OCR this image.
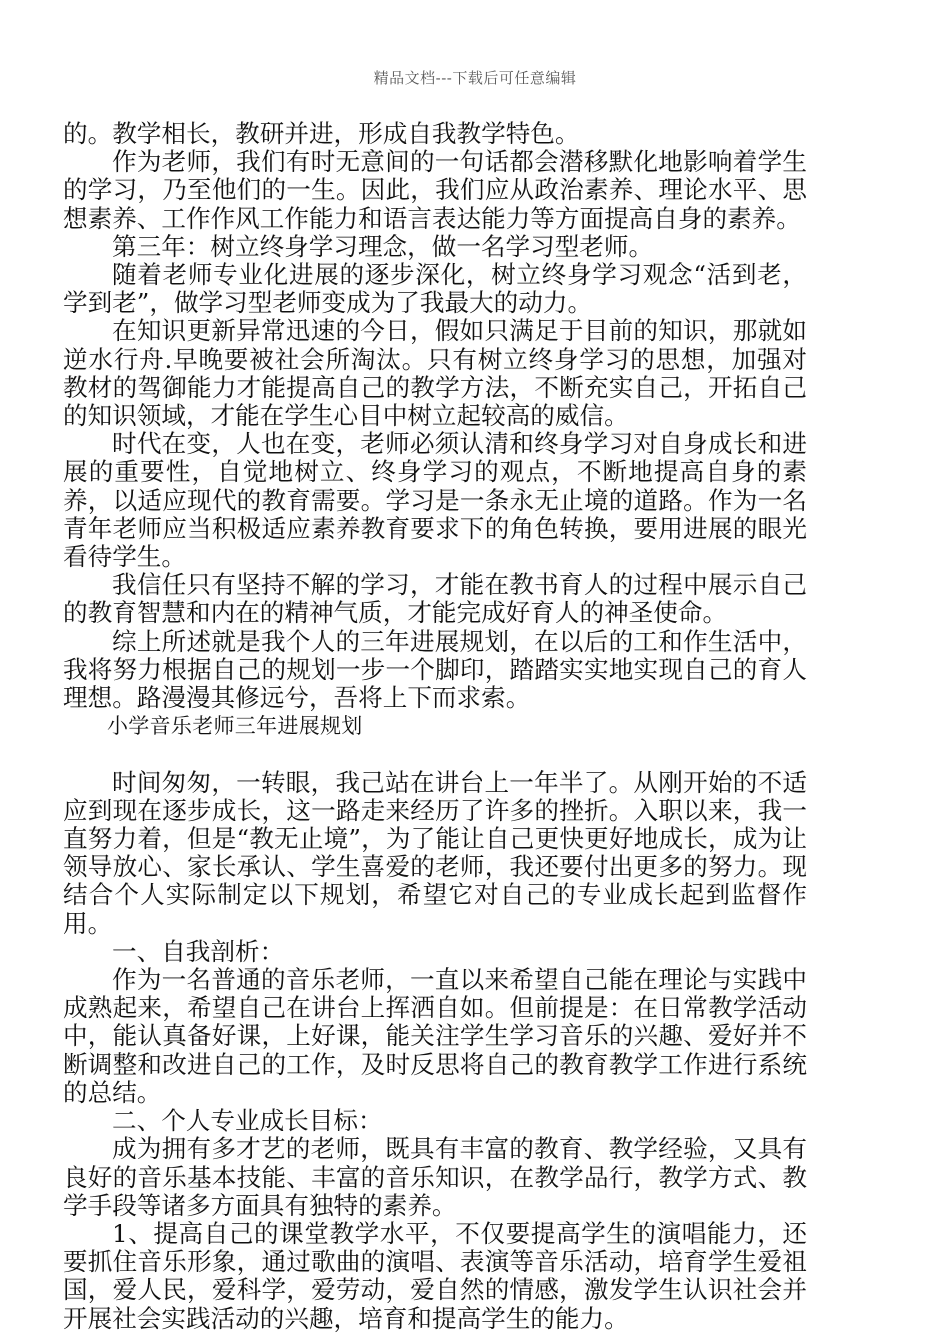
精品文档---下载后可任意编辑

的。教学相长，教研并进，形成自我教学特色。

作为老师，我们有时无意间的一句话都会潜移默化地影响着学生的学习，乃至他们的一生。因此，我们应从政治素养、理论水平、思想素养、工作作风工作能力和语言表达能力等方面提高自身的素养。

第三年：树立终身学习理念，做一名学习型老师。

随着老师专业化进展的逐步深化，树立终身学习观念“活到老，学到老”，做学习型老师变成为了我最大的动力。

在知识更新异常迅速的今日，假如只满足于目前的知识，那就如逆水行舟.早晚要被社会所淘汰。只有树立终身学习的思想，加强对教材的驾御能力才能提高自己的教学方法，不断充实自己，开拓自己的知识领域，才能在学生心目中树立起较高的威信。

时代在变，人也在变，老师必须认清和终身学习对自身成长和进展的重要性，自觉地树立、终身学习的观点，不断地提高自身的素养，以适应现代的教育需要。学习是一条永无止境的道路。作为一名青年老师应当积极适应素养教育要求下的角色转换，要用进展的眼光看待学生。

我信任只有坚持不解的学习，才能在教书育人的过程中展示自己的教育智慧和内在的精神气质，才能完成好育人的神圣使命。

综上所述就是我个人的三年进展规划，在以后的工和作生活中，我将努力根据自己的规划一步一个脚印，踏踏实实地实现自己的育人理想。路漫漫其修远兮，吾将上下而求索。

小学音乐老师三年进展规划

时间匆匆，一转眼，我己站在讲台上一年半了。从刚开始的不适应到现在逐步成长，这一路走来经历了许多的挫折。入职以来，我一直努力着，但是“教无止境”，为了能让自己更快更好地成长，成为让领导放心、家长承认、学生喜爱的老师，我还要付出更多的努力。现结合个人实际制定以下规划，希望它对自己的专业成长起到监督作用。

一、自我剖析：

作为一名普通的音乐老师，一直以来希望自己能在理论与实践中成熟起来，希望自己在讲台上挥洒自如。但前提是：在日常教学活动中，能认真备好课，上好课，能关注学生学习音乐的兴趣、爱好并不断调整和改进自己的工作，及时反思将自己的教育教学工作进行系统的总结。

二、个人专业成长目标：

成为拥有多才艺的老师，既具有丰富的教育、教学经验，又具有良好的音乐基本技能、丰富的音乐知识，在教学品行，教学方式、教学手段等诸多方面具有独特的素养。

1、提高自己的课堂教学水平，不仅要提高学生的演唱能力，还要抓住音乐形象，通过歌曲的演唱、表演等音乐活动，培育学生爱祖国，爱人民，爱科学，爱劳动，爱自然的情感，激发学生认识社会并开展社会实践活动的兴趣，培育和提高学生的能力。
